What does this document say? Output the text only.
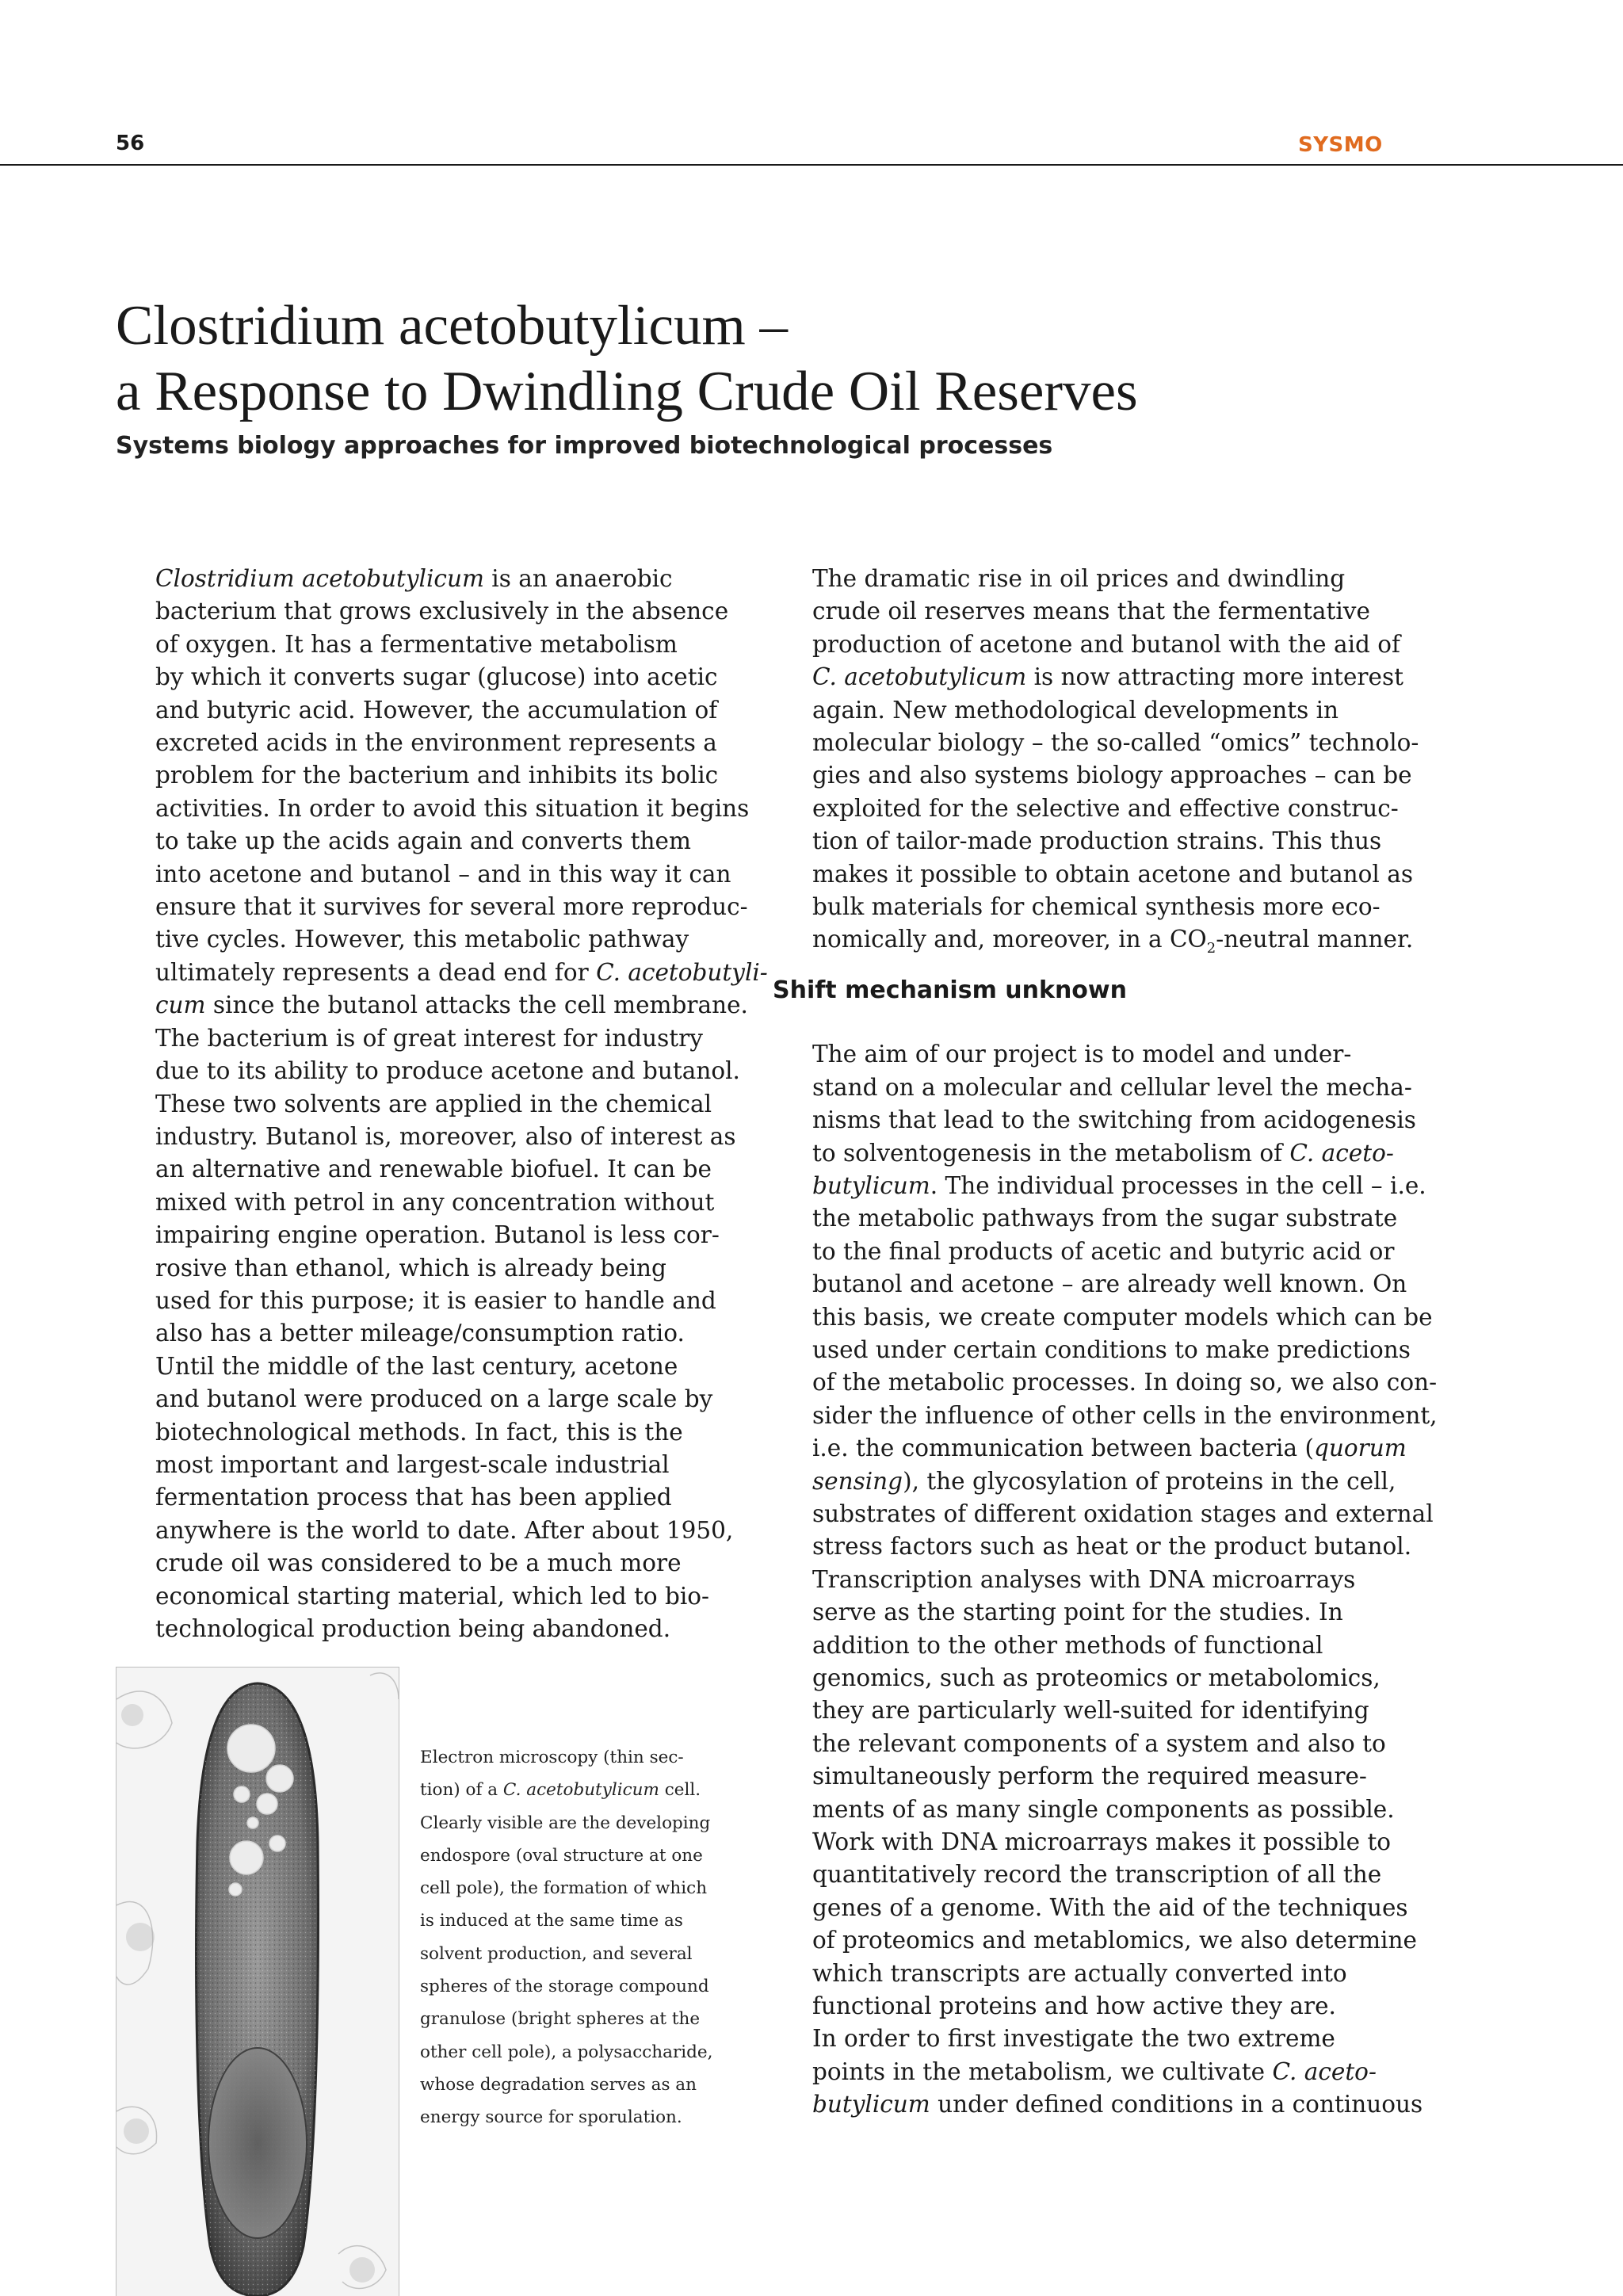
56	SYSMO
Clostridium acetobutylicum –
a Response to Dwindling Crude Oil Reserves
Systems biology approaches for improved biotechnological processes

Clostridium acetobutylicum is an anaerobic
bacterium that grows exclusively in the absence
of oxygen. It has a fermentative metabolism
by which it converts sugar (glucose) into acetic
and butyric acid. However, the accumulation of
excreted acids in the environment represents a
problem for the bacterium and inhibits its bolic
activities. In order to avoid this situation it begins
to take up the acids again and converts them
into acetone and butanol – and in this way it can
ensure that it survives for several more reproduc-
tive cycles. However, this metabolic pathway
ultimately represents a dead end for C. acetobutyli-
cum since the butanol attacks the cell membrane.

The bacterium is of great interest for industry
due to its ability to produce acetone and butanol.
These two solvents are applied in the chemical
industry. Butanol is, moreover, also of interest as
an alternative and renewable biofuel. It can be
mixed with petrol in any concentration without
impairing engine operation. Butanol is less cor-
rosive than ethanol, which is already being
used for this purpose; it is easier to handle and
also has a better mileage/consumption ratio.

Until the middle of the last century, acetone
and butanol were produced on a large scale by
biotechnological methods. In fact, this is the
most important and largest-scale industrial
fermentation process that has been applied
anywhere is the world to date. After about 1950,
crude oil was considered to be a much more
economical starting material, which led to bio-
technological production being abandoned.

The dramatic rise in oil prices and dwindling
crude oil reserves means that the fermentative
production of acetone and butanol with the aid of
C. acetobutylicum is now attracting more interest
again. New methodological developments in
molecular biology – the so-called “omics” technolo-
gies and also systems biology approaches – can be
exploited for the selective and effective construc-
tion of tailor-made production strains. This thus
makes it possible to obtain acetone and butanol as
bulk materials for chemical synthesis more eco-
nomically and, moreover, in a $CO_2$-neutral manner.

Shift mechanism unknown

The aim of our project is to model and under-
stand on a molecular and cellular level the mecha-
nisms that lead to the switching from acidogenesis
to solventogenesis in the metabolism of C. aceto-
butylicum. The individual processes in the cell – i.e.
the metabolic pathways from the sugar substrate
to the final products of acetic and butyric acid or
butanol and acetone – are already well known. On
this basis, we create computer models which can be
used under certain conditions to make predictions
of the metabolic processes. In doing so, we also con-
sider the influence of other cells in the environment,
i.e. the communication between bacteria (quorum
sensing), the glycosylation of proteins in the cell,
substrates of different oxidation stages and external
stress factors such as heat or the product butanol.

Transcription analyses with DNA microarrays
serve as the starting point for the studies. In
addition to the other methods of functional
genomics, such as proteomics or metabolomics,
they are particularly well-suited for identifying
the relevant components of a system and also to
simultaneously perform the required measure-
ments of as many single components as possible.
Work with DNA microarrays makes it possible to
quantitatively record the transcription of all the
genes of a genome. With the aid of the techniques
of proteomics and metablomics, we also determine
which transcripts are actually converted into
functional proteins and how active they are.

In order to first investigate the two extreme
points in the metabolism, we cultivate C. aceto-
butylicum under defined conditions in a continuous

Electron microscopy (thin sec-
tion) of a C. acetobutylicum cell.
Clearly visible are the developing
endospore (oval structure at one
cell pole), the formation of which
is induced at the same time as
solvent production, and several
spheres of the storage compound
granulose (bright spheres at the
other cell pole), a polysaccharide,
whose degradation serves as an
energy source for sporulation.
